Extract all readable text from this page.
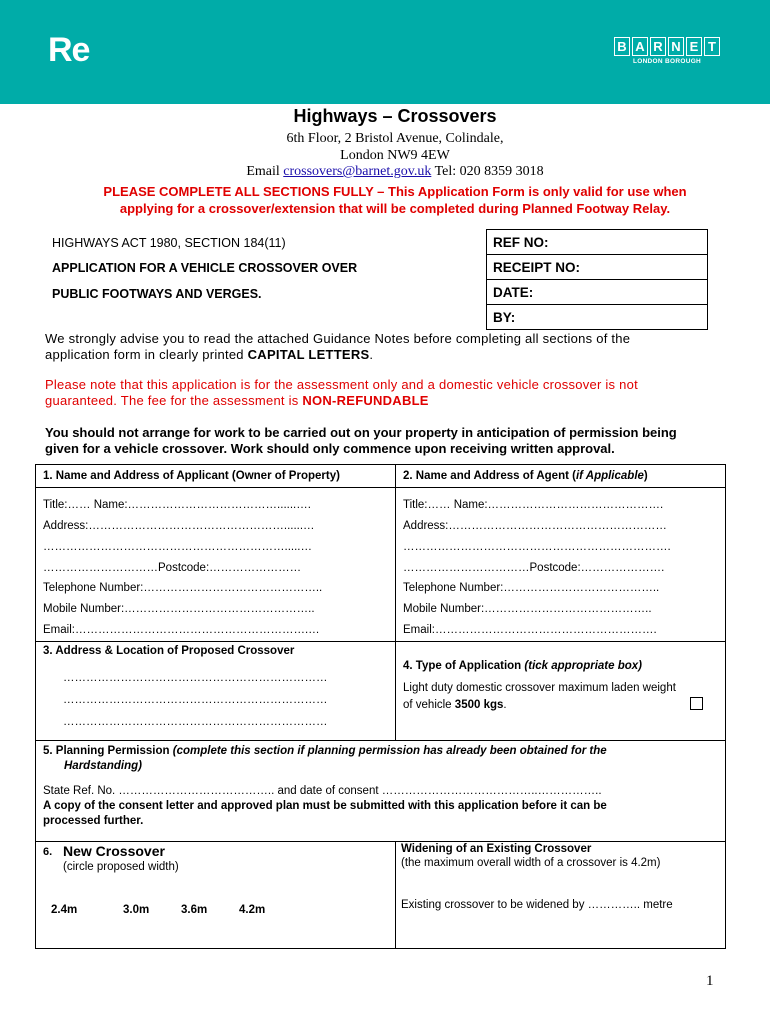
Re	B A R N E T
LONDON BOROUGH
Highways – Crossovers
6th Floor, 2 Bristol Avenue, Colindale,
London NW9 4EW
Email crossovers@barnet.gov.uk Tel: 020 8359 3018
PLEASE COMPLETE ALL SECTIONS FULLY – This Application Form is only valid for use when
applying for a crossover/extension that will be completed during Planned Footway Relay.
HIGHWAYS ACT 1980, SECTION 184(11)
APPLICATION FOR A VEHICLE CROSSOVER OVER
PUBLIC FOOTWAYS AND VERGES.
REF NO:
RECEIPT NO:
DATE:
BY:
We strongly advise you to read the attached Guidance Notes before completing all sections of the
application form in clearly printed CAPITAL LETTERS.
Please note that this application is for the assessment only and a domestic vehicle crossover is not
guaranteed. The fee for the assessment is NON-REFUNDABLE
You should not arrange for work to be carried out on your property in anticipation of permission being
given for a vehicle crossover. Work should only commence upon receiving written approval.
1. Name and Address of Applicant (Owner of Property)
Title:…… Name:…………………………………......….
Address:……………………………………………......…
……………………………………………………….....…
…………………………Postcode:……………………
Telephone Number:………………………………………..
Mobile Number:…………………………………………..
Email:…………………………………………………….…
2. Name and Address of Agent (if Applicable)
Title:…… Name:……………………………………….
Address:…………………………………………………
…………………………………………………………….
……………………………Postcode:………………….
Telephone Number:…………………………………..
Mobile Number:……………………………………..
Email:………………………………………………….
3. Address & Location of Proposed Crossover
……………………………………………………………
……………………………………………………………
……………………………………………………………
4. Type of Application (tick appropriate box)
Light duty domestic crossover maximum laden weight
of vehicle 3500 kgs.
5. Planning Permission (complete this section if planning permission has already been obtained for the
Hardstanding)
State Ref. No. ………………………………….. and date of consent …………………………………..……………..
A copy of the consent letter and approved plan must be submitted with this application before it can be
processed further.
6. New Crossover
(circle proposed width)
2.4m	3.0m	3.6m	4.2m
Widening of an Existing Crossover
(the maximum overall width of a crossover is 4.2m)
Existing crossover to be widened by ………….. metre
1
